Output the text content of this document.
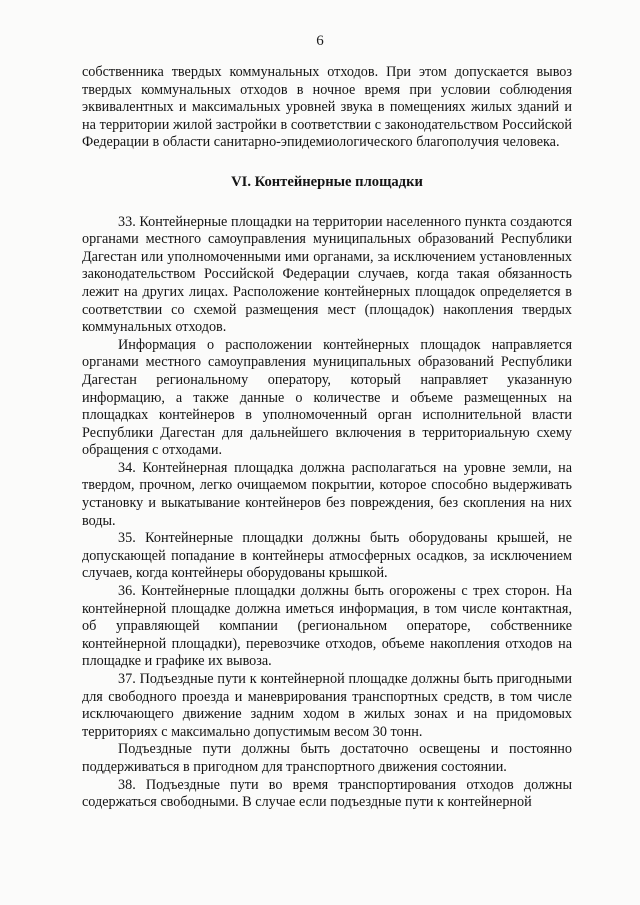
6

собственника твердых коммунальных отходов. При этом допускается вывоз твердых коммунальных отходов в ночное время при условии соблюдения эквивалентных и максимальных уровней звука в помещениях жилых зданий и на территории жилой застройки в соответствии с законодательством Российской Федерации в области санитарно-эпидемиологического благополучия человека.

VI. Контейнерные площадки

33. Контейнерные площадки на территории населенного пункта создаются органами местного самоуправления муниципальных образований Республики Дагестан или уполномоченными ими органами, за исключением установленных законодательством Российской Федерации случаев, когда такая обязанность лежит на других лицах. Расположение контейнерных площадок определяется в соответствии со схемой размещения мест (площадок) накопления твердых коммунальных отходов.

Информация о расположении контейнерных площадок направляется органами местного самоуправления муниципальных образований Республики Дагестан региональному оператору, который направляет указанную информацию, а также данные о количестве и объеме размещенных на площадках контейнеров в уполномоченный орган исполнительной власти Республики Дагестан для дальнейшего включения в территориальную схему обращения с отходами.

34. Контейнерная площадка должна располагаться на уровне земли, на твердом, прочном, легко очищаемом покрытии, которое способно выдерживать установку и выкатывание контейнеров без повреждения, без скопления на них воды.

35. Контейнерные площадки должны быть оборудованы крышей, не допускающей попадание в контейнеры атмосферных осадков, за исключением случаев, когда контейнеры оборудованы крышкой.

36. Контейнерные площадки должны быть огорожены с трех сторон. На контейнерной площадке должна иметься информация, в том числе контактная, об управляющей компании (региональном операторе, собственнике контейнерной площадки), перевозчике отходов, объеме накопления отходов на площадке и графике их вывоза.

37. Подъездные пути к контейнерной площадке должны быть пригодными для свободного проезда и маневрирования транспортных средств, в том числе исключающего движение задним ходом в жилых зонах и на придомовых территориях с максимально допустимым весом 30 тонн.

Подъездные пути должны быть достаточно освещены и постоянно поддерживаться в пригодном для транспортного движения состоянии.

38. Подъездные пути во время транспортирования отходов должны содержаться свободными. В случае если подъездные пути к контейнерной
